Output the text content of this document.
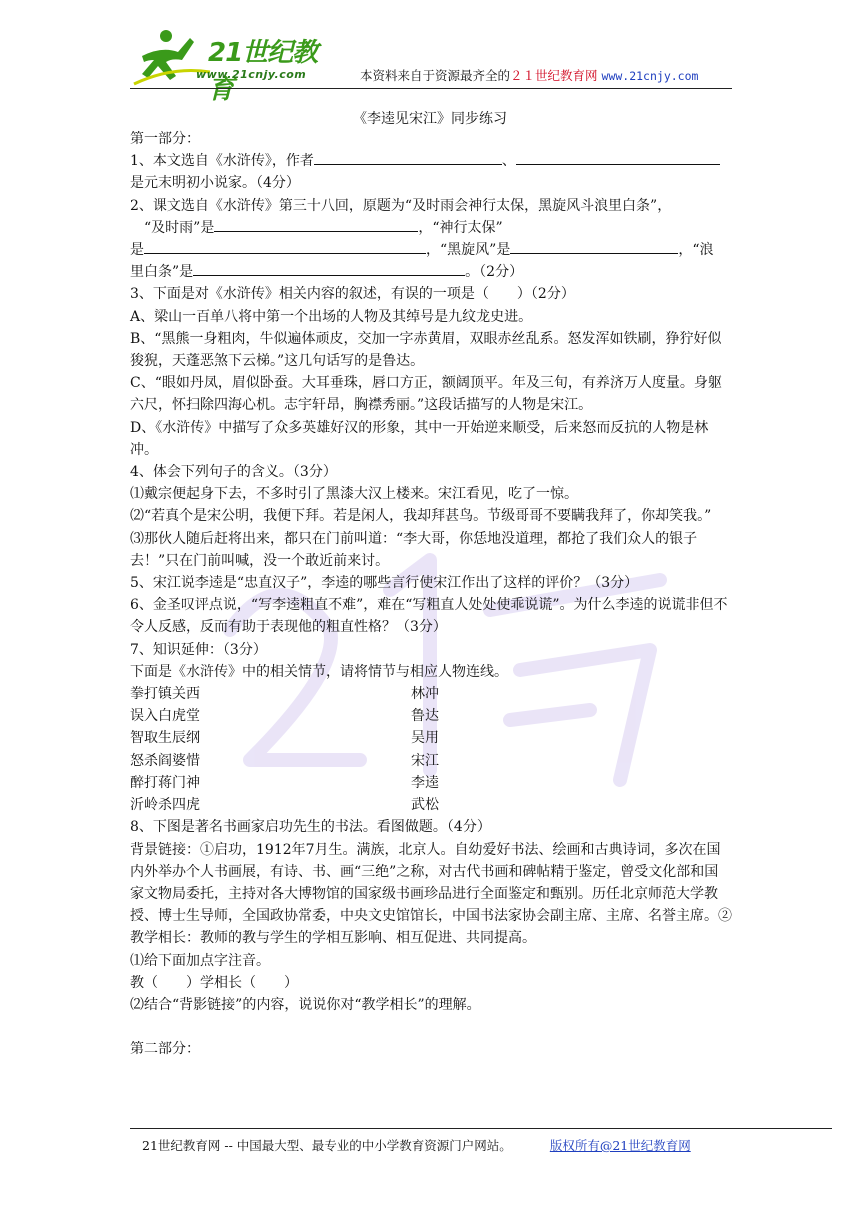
21世纪教育
www.21cnjy.com	本资料来自于资源最齐全的２１世纪教育网 www.21cnjy.com
《李逵见宋江》同步练习

第一部分：

1、本文选自《水浒传》，作者	、

是元末明初小说家。（4分）

2、课文选自《水浒传》第三十八回，原题为“及时雨会神行太保，黑旋风斗浪里白条”，

“及时雨”是	，“神行太保”

是	，“黑旋风”是	，“浪

里白条”是	。（2分）

3、下面是对《水浒传》相关内容的叙述，有误的一项是（　　）（2分）

A、梁山一百单八将中第一个出场的人物及其绰号是九纹龙史进。

B、“黑熊一身粗肉，牛似遍体顽皮，交加一字赤黄眉，双眼赤丝乱系。怒发浑如铁刷，狰狞好似狻猊，天蓬恶煞下云梯。”这几句话写的是鲁达。

C、“眼如丹凤，眉似卧蚕。大耳垂珠，唇口方正，额阔顶平。年及三旬，有养济万人度量。身躯六尺，怀扫除四海心机。志宇轩昂，胸襟秀丽。”这段话描写的人物是宋江。

D、《水浒传》中描写了众多英雄好汉的形象，其中一开始逆来顺受，后来怒而反抗的人物是林冲。

4、体会下列句子的含义。（3分）

⑴戴宗便起身下去，不多时引了黑漆大汉上楼来。宋江看见，吃了一惊。

⑵“若真个是宋公明，我便下拜。若是闲人，我却拜甚鸟。节级哥哥不要瞒我拜了，你却笑我。”

⑶那伙人随后赶将出来，都只在门前叫道：“李大哥，你恁地没道理，都抢了我们众人的银子去！”只在门前叫喊，没一个敢近前来讨。

5、宋江说李逵是“忠直汉子”，李逵的哪些言行使宋江作出了这样的评价？（3分）

6、金圣叹评点说，“写李逵粗直不难”，难在“写粗直人处处使乖说谎”。为什么李逵的说谎非但不令人反感，反而有助于表现他的粗直性格？（3分）

7、知识延伸：（3分）

下面是《水浒传》中的相关情节，请将情节与相应人物连线。

拳打镇关西	林冲
误入白虎堂	鲁达
智取生辰纲	吴用
怒杀阎婆惜	宋江
醉打蒋门神	李逵
沂岭杀四虎	武松

8、下图是著名书画家启功先生的书法。看图做题。（4分）

背景链接：①启功，1912年7月生。满族，北京人。自幼爱好书法、绘画和古典诗词，多次在国内外举办个人书画展，有诗、书、画“三绝”之称，对古代书画和碑帖精于鉴定，曾受文化部和国家文物局委托，主持对各大博物馆的国家级书画珍品进行全面鉴定和甄别。历任北京师范大学教授、博士生导师，全国政协常委，中央文史馆馆长，中国书法家协会副主席、主席、名誉主席。②教学相长：教师的教与学生的学相互影响、相互促进、共同提高。

⑴给下面加点字注音。

教（　　）学相长（　　）

⑵结合“背影链接”的内容，说说你对“教学相长”的理解。

第二部分：

21世纪教育网 -- 中国最大型、最专业的中小学教育资源门户网站。	版权所有@21世纪教育网
